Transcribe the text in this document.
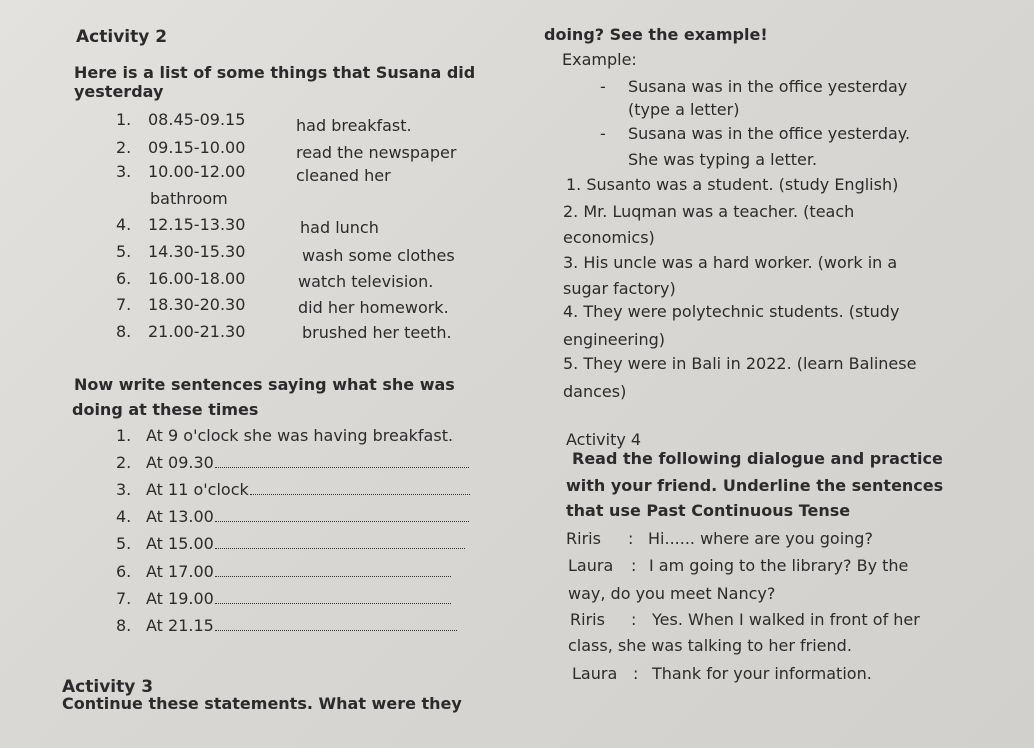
Activity 2
Here is a list of some things that Susana did
yesterday
1. 08.45-09.15	had breakfast.
2. 09.15-10.00	read the newspaper
3. 10.00-12.00	cleaned her
bathroom
4. 12.15-13.30	had lunch
5. 14.30-15.30	wash some clothes
6. 16.00-18.00	watch television.
7. 18.30-20.30	did her homework.
8. 21.00-21.30	brushed her teeth.
Now write sentences saying what she was
doing at these times
1. At 9 o'clock she was having breakfast.
2. At 09.30
3. At 11 o'clock
4. At 13.00
5. At 15.00
6. At 17.00
7. At 19.00
8. At 21.15
Activity 3
Continue these statements. What were they
doing? See the example!
Example:
- Susana was in the office yesterday
(type a letter)
- Susana was in the office yesterday.
She was typing a letter.
1. Susanto was a student. (study English)
2. Mr. Luqman was a teacher. (teach
economics)
3. His uncle was a hard worker. (work in a
sugar factory)
4. They were polytechnic students. (study
engineering)
5. They were in Bali in 2022. (learn Balinese
dances)
Activity 4
Read the following dialogue and practice
with your friend. Underline the sentences
that use Past Continuous Tense
Riris : Hi...... where are you going?
Laura : I am going to the library? By the
way, do you meet Nancy?
Riris : Yes. When I walked in front of her
class, she was talking to her friend.
Laura : Thank for your information.
